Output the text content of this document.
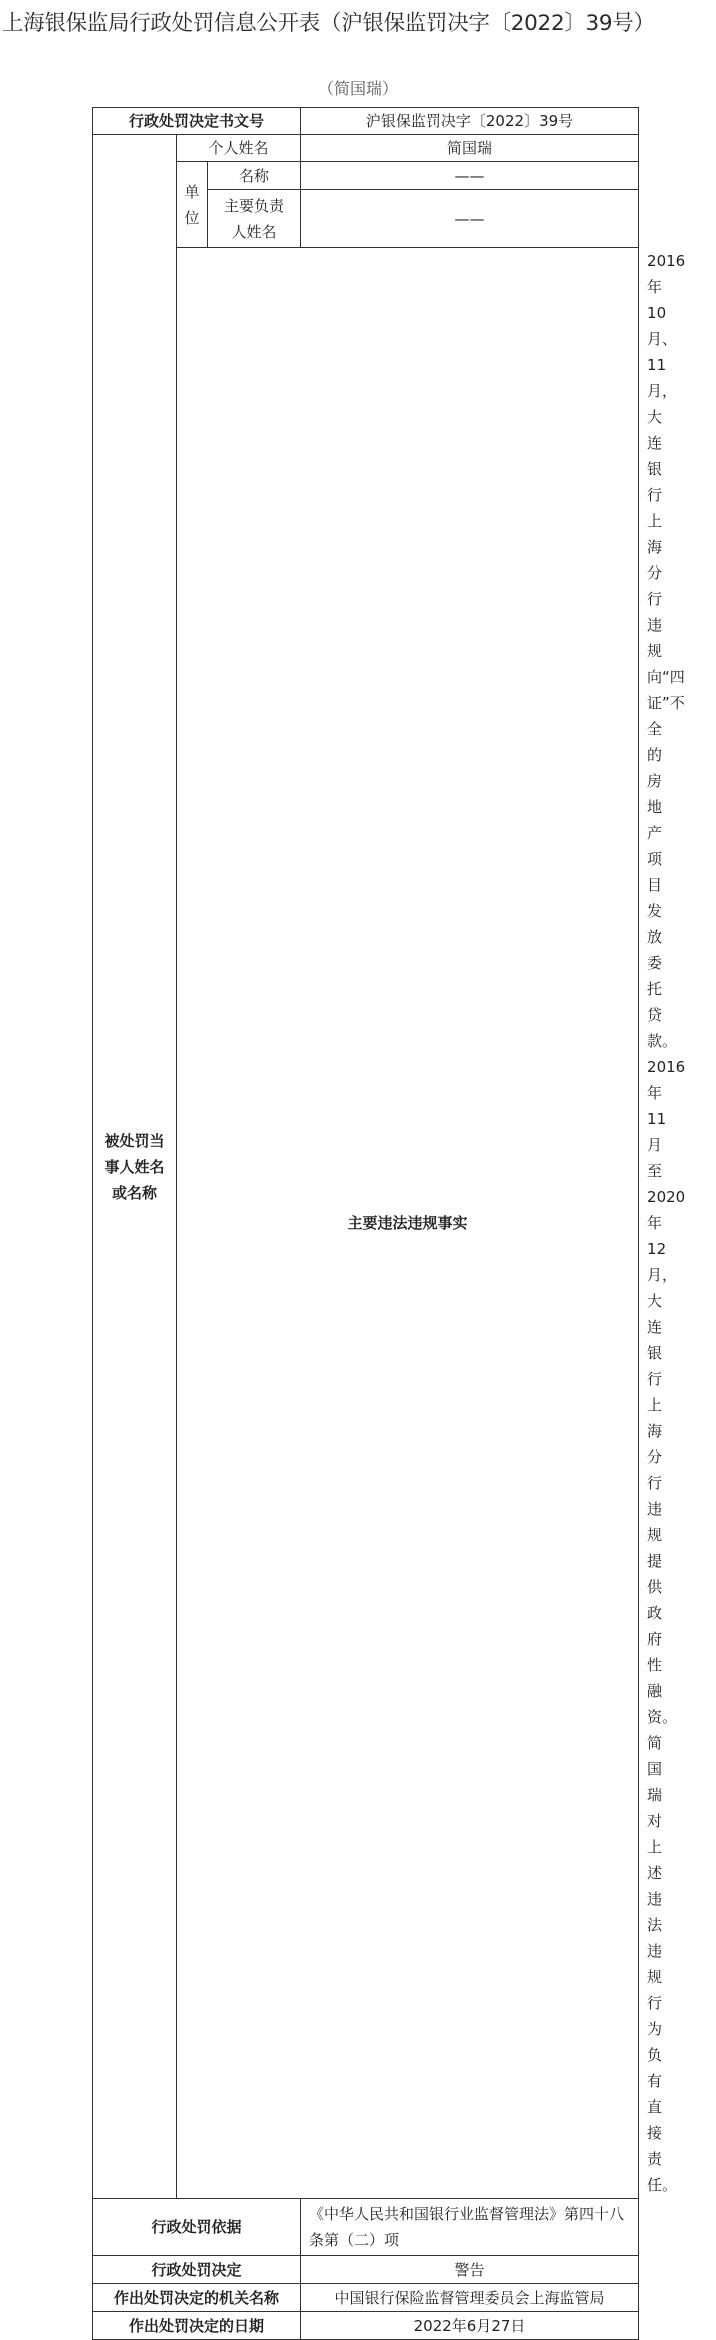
上海银保监局行政处罚信息公开表（沪银保监罚决字〔2022〕39号）
（简国瑞）
行政处罚决定书文号			沪银保监罚决字〔2022〕39号	

被处罚当
事人姓名
或名称	个人姓名		简国瑞	

	单
位	名称	——	

		主要负责
人姓名	——	
	主要违法违规事实			2016年10月、11月，大连银行上海分行违规向“四证”不全的房地产项目发放委托贷款。2016年11月至2020年12月，大连银行上海分行违规提供政府性融资。简国瑞对上述违法违规行为负有直接责任。
行政处罚依据			《中华人民共和国银行业监督管理法》第四十八条第（二）项	
行政处罚决定			警告	
作出处罚决定的机关名称			中国银行保险监督管理委员会上海监管局	
作出处罚决定的日期			2022年6月27日	
